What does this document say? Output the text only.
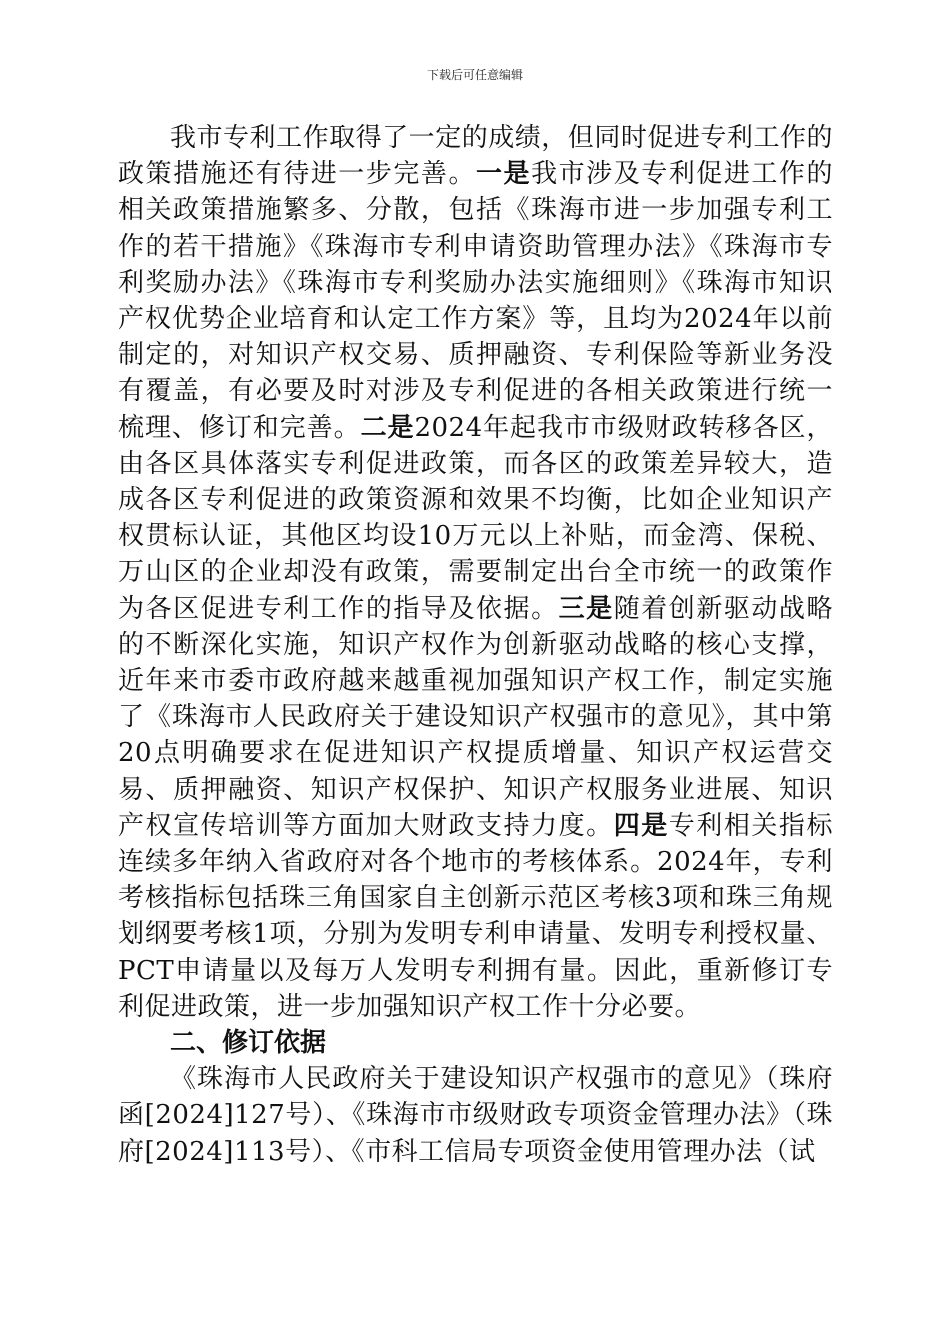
下载后可任意编辑

我市专利工作取得了一定的成绩，但同时促进专利工作的政策措施还有待进一步完善。一是我市涉及专利促进工作的相关政策措施繁多、分散，包括《珠海市进一步加强专利工作的若干措施》《珠海市专利申请资助管理办法》《珠海市专利奖励办法》《珠海市专利奖励办法实施细则》《珠海市知识产权优势企业培育和认定工作方案》等，且均为2024年以前制定的，对知识产权交易、质押融资、专利保险等新业务没有覆盖，有必要及时对涉及专利促进的各相关政策进行统一梳理、修订和完善。二是2024年起我市市级财政转移各区，由各区具体落实专利促进政策，而各区的政策差异较大，造成各区专利促进的政策资源和效果不均衡，比如企业知识产权贯标认证，其他区均设10万元以上补贴，而金湾、保税、万山区的企业却没有政策，需要制定出台全市统一的政策作为各区促进专利工作的指导及依据。三是随着创新驱动战略的不断深化实施，知识产权作为创新驱动战略的核心支撑，近年来市委市政府越来越重视加强知识产权工作，制定实施了《珠海市人民政府关于建设知识产权强市的意见》，其中第20点明确要求在促进知识产权提质增量、知识产权运营交易、质押融资、知识产权保护、知识产权服务业进展、知识产权宣传培训等方面加大财政支持力度。四是专利相关指标连续多年纳入省政府对各个地市的考核体系。2024年，专利考核指标包括珠三角国家自主创新示范区考核3项和珠三角规划纲要考核1项，分别为发明专利申请量、发明专利授权量、PCT申请量以及每万人发明专利拥有量。因此，重新修订专利促进政策，进一步加强知识产权工作十分必要。

二、修订依据

《珠海市人民政府关于建设知识产权强市的意见》（珠府函[2024]127号）、《珠海市市级财政专项资金管理办法》（珠府[2024]113号）、《市科工信局专项资金使用管理办法（试
